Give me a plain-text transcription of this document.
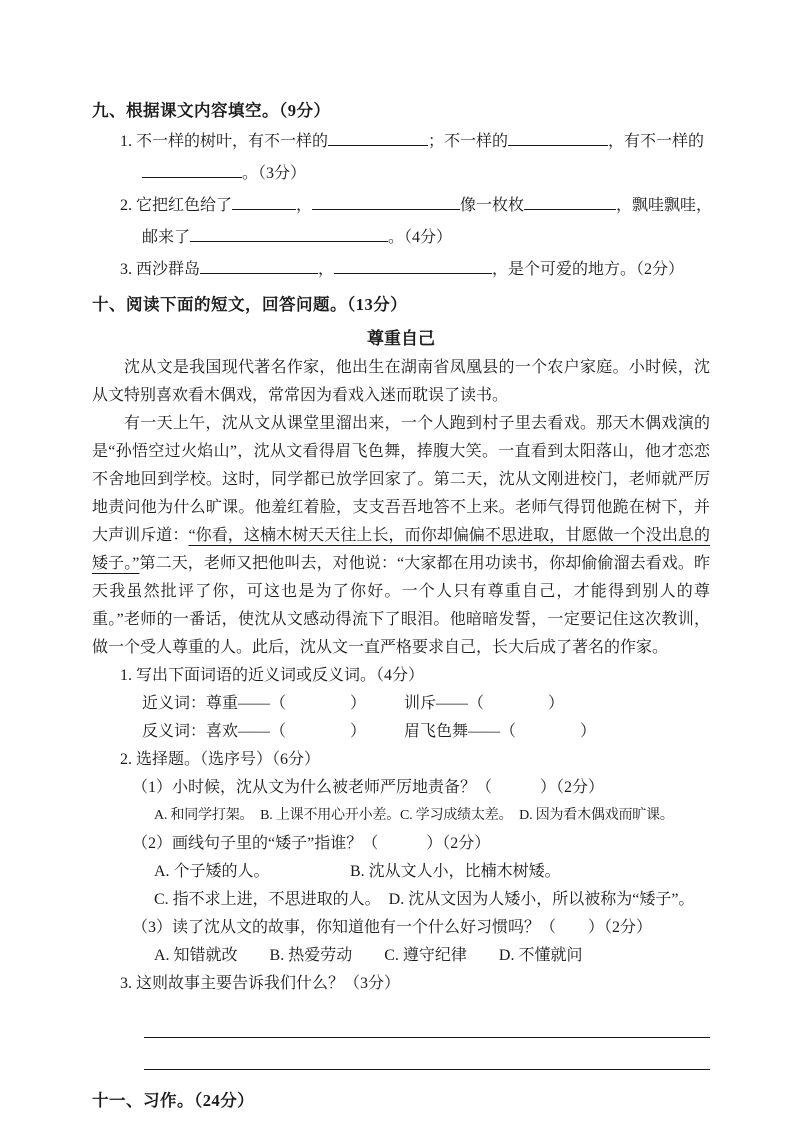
九、根据课文内容填空。（9分）
1. 不一样的树叶，有不一样的	；不一样的	，有不一样的
。（3分）
2. 它把红色给了	，	像一枚枚	，飘哇飘哇，
邮来了	。（4分）
3. 西沙群岛	，	，是个可爱的地方。（2分）
十、阅读下面的短文，回答问题。（13分）
尊重自己

沈从文是我国现代著名作家，他出生在湖南省凤凰县的一个农户家庭。小时候，沈从文特别喜欢看木偶戏，常常因为看戏入迷而耽误了读书。

有一天上午，沈从文从课堂里溜出来，一个人跑到村子里去看戏。那天木偶戏演的是“孙悟空过火焰山”，沈从文看得眉飞色舞，捧腹大笑。一直看到太阳落山，他才恋恋不舍地回到学校。这时，同学都已放学回家了。第二天，沈从文刚进校门，老师就严厉地责问他为什么旷课。他羞红着脸，支支吾吾地答不上来。老师气得罚他跪在树下，并大声训斥道：“你看，这楠木树天天往上长，而你却偏偏不思进取，甘愿做一个没出息的矮子。”第二天，老师又把他叫去，对他说：“大家都在用功读书，你却偷偷溜去看戏。昨天我虽然批评了你，可这也是为了你好。一个人只有尊重自己，才能得到别人的尊重。”老师的一番话，使沈从文感动得流下了眼泪。他暗暗发誓，一定要记住这次教训，做一个受人尊重的人。此后，沈从文一直严格要求自己，长大后成了著名的作家。

1. 写出下面词语的近义词或反义词。（4分）
近义词：尊重——（　　　　） 训斥——（　　　　）
反义词：喜欢——（　　　　） 眉飞色舞——（　　　　）
2. 选择题。（选序号）（6分）
（1）小时候，沈从文为什么被老师严厉地责备？（　　　）（2分）
A. 和同学打架。　B. 上课不用心开小差。C. 学习成绩太差。　D. 因为看木偶戏而旷课。
（2）画线句子里的“矮子”指谁？（　　　）（2分）
A. 个子矮的人。	B. 沈从文人小，比楠木树矮。
C. 指不求上进，不思进取的人。　D. 沈从文因为人矮小，所以被称为“矮子”。
（3）读了沈从文的故事，你知道他有一个什么好习惯吗？（　　）（2分）
A. 知错就改　　B. 热爱劳动　　C. 遵守纪律　　D. 不懂就问
3. 这则故事主要告诉我们什么？（3分）
十一、习作。（24分）
